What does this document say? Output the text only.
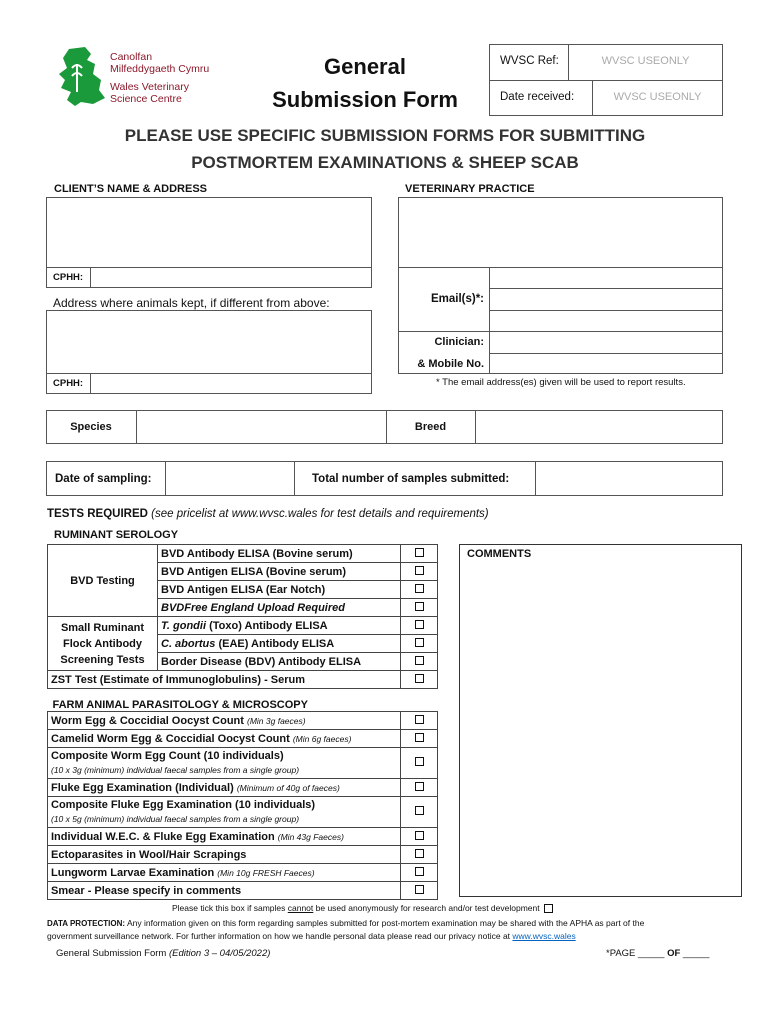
Canolfan
Milfeddygaeth Cymru
Wales Veterinary
Science Centre
General
Submission Form
WVSC Ref:	WVSC USEONLY
Date received:	WVSC USEONLY
PLEASE USE SPECIFIC SUBMISSION FORMS FOR SUBMITTING
POSTMORTEM EXAMINATIONS & SHEEP SCAB
CLIENT’S NAME & ADDRESS
CPHH:
Address where animals kept, if different from above:
CPHH:
VETERINARY PRACTICE
Email(s)*:
Clinician:
& Mobile No.
* The email address(es) given will be used to report results.
Species	Breed
Date of sampling:	Total number of samples submitted:
TESTS REQUIRED (see pricelist at www.wvsc.wales for test details and requirements)
RUMINANT SEROLOGY
BVD Testing	BVD Antibody ELISA (Bovine serum)	
	BVD Antigen ELISA (Bovine serum)	
	BVD Antigen ELISA (Ear Notch)	
	BVDFree England Upload Required	
Small Ruminant Flock Antibody Screening Tests	T. gondii (Toxo) Antibody ELISA	
	C. abortus (EAE) Antibody ELISA	
	Border Disease (BDV) Antibody ELISA	
ZST Test (Estimate of Immunoglobulins) - Serum		
FARM ANIMAL PARASITOLOGY & MICROSCOPY		
Worm Egg & Coccidial Oocyst Count (Min 3g faeces)		
Camelid Worm Egg & Coccidial Oocyst Count (Min 6g faeces)		

Composite Worm Egg Count (10 individuals)
(10 x 3g (minimum) individual faecal samples from a single group)		

Fluke Egg Examination (Individual) (Minimum of 40g of faeces)		

Composite Fluke Egg Examination (10 individuals)
(10 x 5g (minimum) individual faecal samples from a single group)		

Individual W.E.C. & Fluke Egg Examination (Min 43g Faeces)		
Ectoparasites in Wool/Hair Scrapings		
Lungworm Larvae Examination (Min 10g FRESH Faeces)		
Smear - Please specify in comments		
COMMENTS
Please tick this box if samples cannot be used anonymously for research and/or test development
DATA PROTECTION: Any information given on this form regarding samples submitted for post-mortem examination may be shared with the APHA as part of the
government surveillance network. For further information on how we handle personal data please read our privacy notice at www.wvsc.wales
General Submission Form (Edition 3 – 04/05/2022)	*PAGE _____ OF _____
